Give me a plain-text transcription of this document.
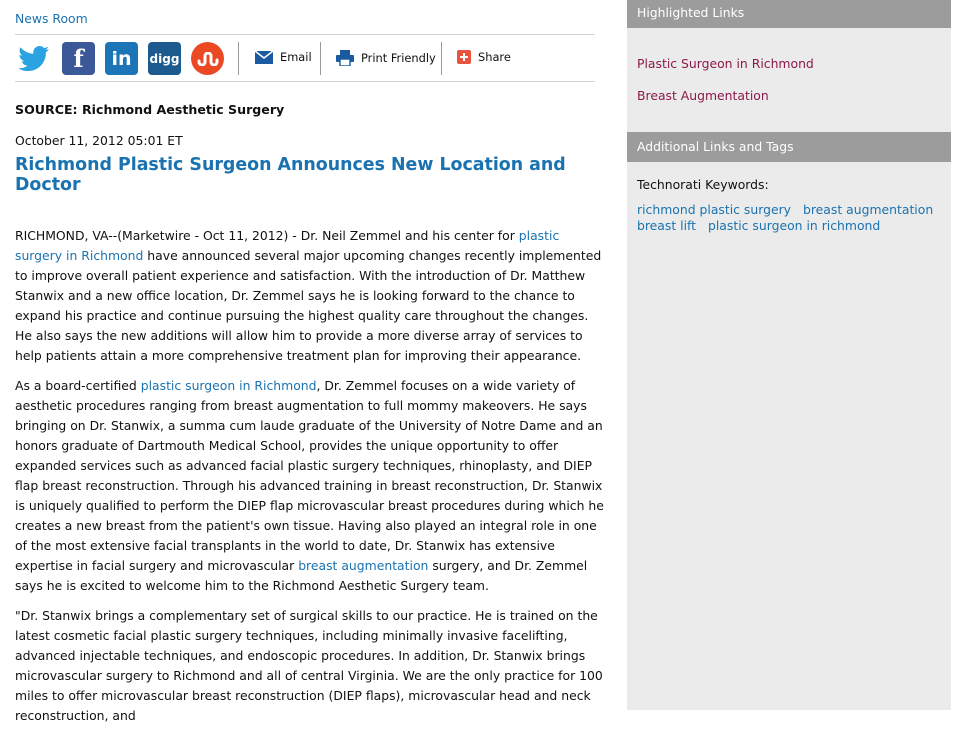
News Room
f in digg	Email	Print Friendly	Share
SOURCE: Richmond Aesthetic Surgery
October 11, 2012 05:01 ET
Richmond Plastic Surgeon Announces New Location and Doctor

RICHMOND, VA--(Marketwire - Oct 11, 2012) - Dr. Neil Zemmel and his center for plastic surgery in Richmond have announced several major upcoming changes recently implemented to improve overall patient experience and satisfaction. With the introduction of Dr. Matthew Stanwix and a new office location, Dr. Zemmel says he is looking forward to the chance to expand his practice and continue pursuing the highest quality care throughout the changes. He also says the new additions will allow him to provide a more diverse array of services to help patients attain a more comprehensive treatment plan for improving their appearance.

As a board-certified plastic surgeon in Richmond, Dr. Zemmel focuses on a wide variety of aesthetic procedures ranging from breast augmentation to full mommy makeovers. He says bringing on Dr. Stanwix, a summa cum laude graduate of the University of Notre Dame and an honors graduate of Dartmouth Medical School, provides the unique opportunity to offer expanded services such as advanced facial plastic surgery techniques, rhinoplasty, and DIEP flap breast reconstruction. Through his advanced training in breast reconstruction, Dr. Stanwix is uniquely qualified to perform the DIEP flap microvascular breast procedures during which he creates a new breast from the patient's own tissue. Having also played an integral role in one of the most extensive facial transplants in the world to date, Dr. Stanwix has extensive expertise in facial surgery and microvascular breast augmentation surgery, and Dr. Zemmel says he is excited to welcome him to the Richmond Aesthetic Surgery team.

"Dr. Stanwix brings a complementary set of surgical skills to our practice. He is trained on the latest cosmetic facial plastic surgery techniques, including minimally invasive facelifting, advanced injectable techniques, and endoscopic procedures. In addition, Dr. Stanwix brings microvascular surgery to Richmond and all of central Virginia. We are the only practice for 100 miles to offer microvascular breast reconstruction (DIEP flaps), microvascular head and neck reconstruction, and

Highlighted Links
Plastic Surgeon in Richmond
Breast Augmentation
Additional Links and Tags
Technorati Keywords:
richmond plastic surgery breast augmentation
breast lift plastic surgeon in richmond
